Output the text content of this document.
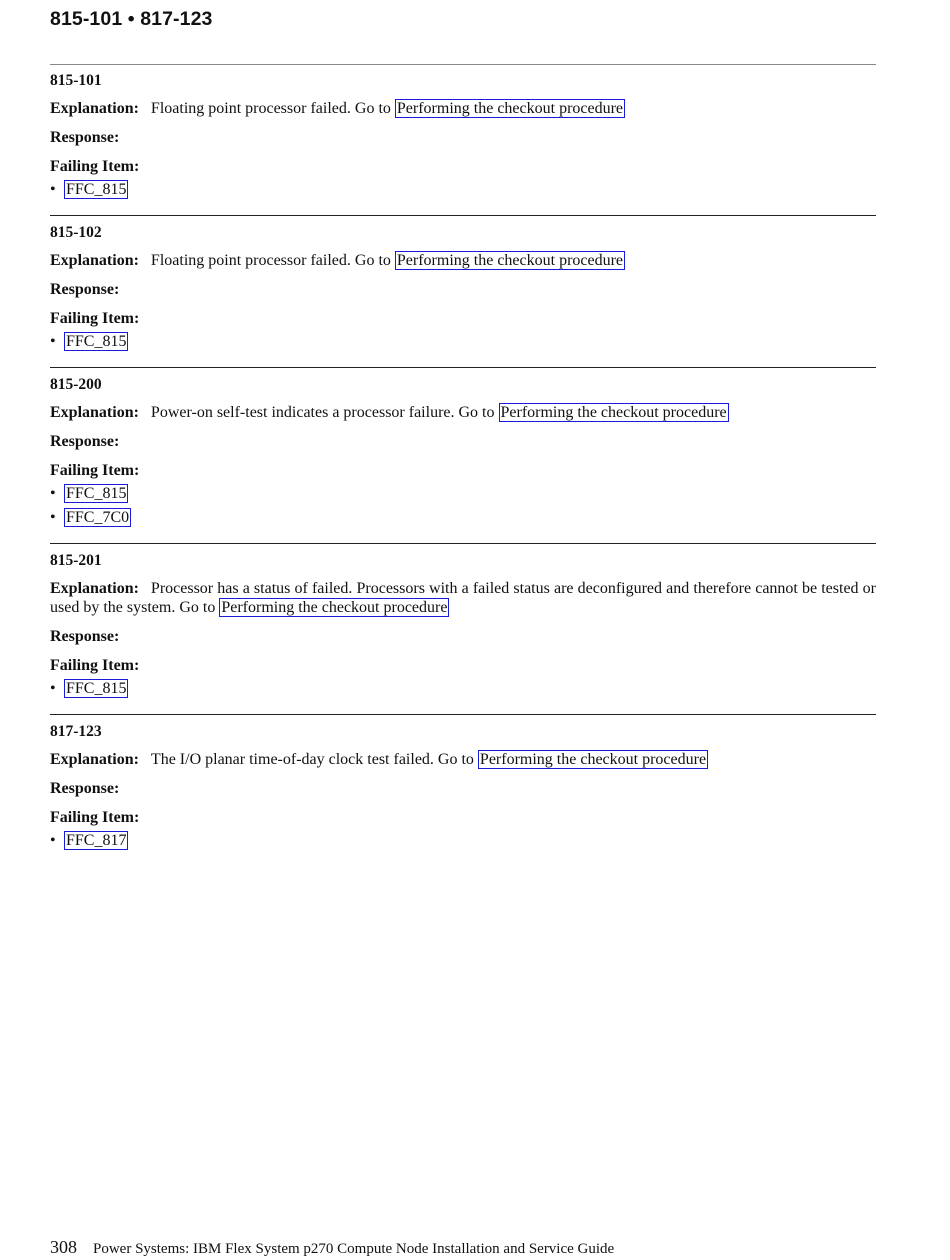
815-101 • 817-123
815-101
Explanation: Floating point processor failed. Go to Performing the checkout procedure
Response:
Failing Item:
• FFC_815
815-102
Explanation: Floating point processor failed. Go to Performing the checkout procedure
Response:
Failing Item:
• FFC_815
815-200
Explanation: Power-on self-test indicates a processor failure. Go to Performing the checkout procedure
Response:
Failing Item:
• FFC_815
• FFC_7C0
815-201
Explanation: Processor has a status of failed. Processors with a failed status are deconfigured and therefore cannot be tested or used by the system. Go to Performing the checkout procedure
Response:
Failing Item:
• FFC_815
817-123
Explanation: The I/O planar time-of-day clock test failed. Go to Performing the checkout procedure
Response:
Failing Item:
• FFC_817
308 Power Systems: IBM Flex System p270 Compute Node Installation and Service Guide
